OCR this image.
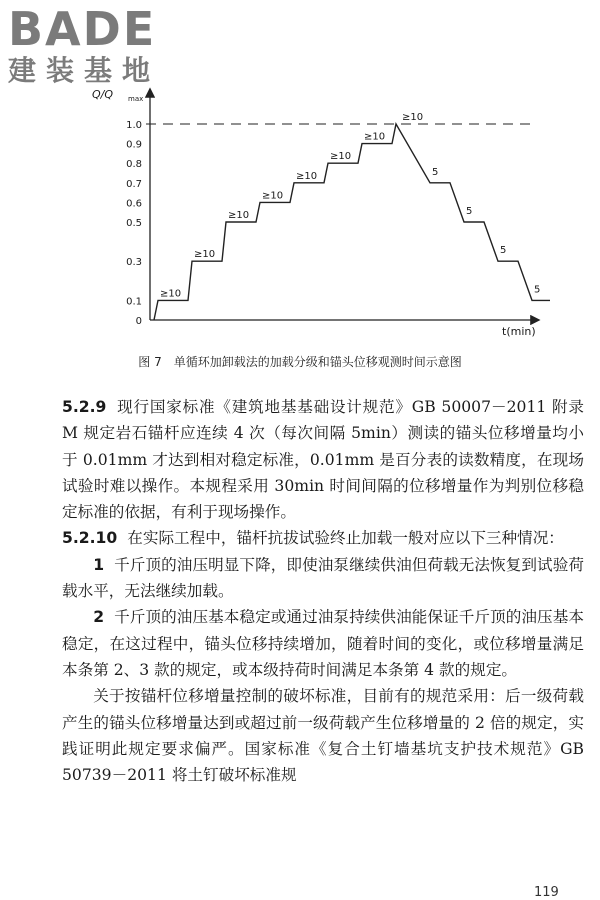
BADE
建装基地
Q/Q max
t(min)
0
0.1
0.3
0.5
0.6
0.7
0.8
0.9
1.0
≥10
≥10
≥10
≥10
≥10
≥10
≥10
≥10
5
5
5
5
图 7　单循环加卸载法的加载分级和锚头位移观测时间示意图

5.2.9 现行国家标准《建筑地基基础设计规范》GB 50007－2011 附录 M 规定岩石锚杆应连续 4 次（每次间隔 5min）测读的锚头位移增量均小于 0.01mm 才达到相对稳定标准，0.01mm 是百分表的读数精度，在现场试验时难以操作。本规程采用 30min 时间间隔的位移增量作为判别位移稳定标准的依据，有利于现场操作。

5.2.10 在实际工程中，锚杆抗拔试验终止加载一般对应以下三种情况：

1 千斤顶的油压明显下降，即使油泵继续供油但荷载无法恢复到试验荷载水平，无法继续加载。

2 千斤顶的油压基本稳定或通过油泵持续供油能保证千斤顶的油压基本稳定，在这过程中，锚头位移持续增加，随着时间的变化，或位移增量满足本条第 2、3 款的规定，或本级持荷时间满足本条第 4 款的规定。

关于按锚杆位移增量控制的破坏标准，目前有的规范采用：后一级荷载产生的锚头位移增量达到或超过前一级荷载产生位移增量的 2 倍的规定，实践证明此规定要求偏严。国家标准《复合土钉墙基坑支护技术规范》GB 50739－2011 将土钉破坏标准规

119
